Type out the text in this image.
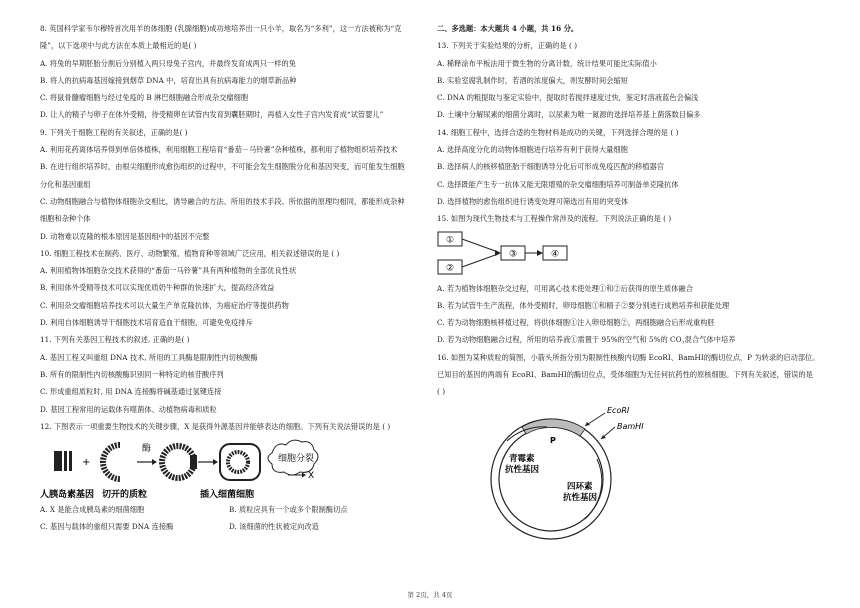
8. 英国科学家韦尔穆特首次用羊的体细胞 (乳腺细胞)成功地培养出一只小羊，取名为“多利”，这一方法被称为“克
隆”，以下选项中与此方法在本质上最相近的是( )
A. 将兔的早期胚胎分割后分别植入两只母兔子宫内，并最终发育成两只一样的兔
B. 将人的抗病毒基因嫁接到烟草 DNA 中，培育出具有抗病毒能力的烟草新品种
C. 将鼠骨髓瘤细胞与经过免疫的 B 淋巴细胞融合形成杂交瘤细胞
D. 让人的精子与卵子在体外受精，待受精卵在试管内发育到囊胚期时，再植入女性子宫内发育成“试管婴儿”
9. 下列关于细胞工程的有关叙述，正确的是( )
A. 利用花药离体培养得到单倍体植株，利用细胞工程培育“番茄－马铃薯”杂种植株，都利用了植物组织培养技术
B. 在进行组织培养时，由根尖细胞形成愈伤组织的过程中，不可能会发生细胞脱分化和基因突变，而可能发生细胞
分化和基因重组
C. 动物细胞融合与植物体细胞杂交相比，诱导融合的方法、所用的技术手段、所依据的原理均相同，都能形成杂种
细胞和杂种个体
D. 动物难以克隆的根本原因是基因组中的基因不完整
10. 细胞工程技术在制药、医疗、动物繁殖、植物育种等领域广泛应用，相关叙述错误的是 ( )
A. 利用植物体细胞杂交技术获得的“番茄一马铃薯”具有两种植物的全部优良性状
B. 利用体外受精等技术可以实现优质奶牛种群的快速扩大，提高经济效益
C. 利用杂交瘤细胞培养技术可以大量生产单克隆抗体，为癌症治疗等提供药物
D. 利用自体细胞诱导干细胞技术培育造血干细胞，可避免免疫排斥
11. 下列有关基因工程技术的叙述, 正确的是( )
A. 基因工程又叫重组 DNA 技术, 所用的工具酶是限制性内切核酸酶
B. 所有的限制性内切核酸酶识别同一种特定的核苷酸序列
C. 形成重组质粒时, 用 DNA 连接酶将碱基通过氢键连接
D. 基因工程常用的运载体有噬菌体、动植物病毒和质粒
12. 下图表示一项重要生物技术的关键步骤，X 是获得外源基因并能够表达的细胞。下列有关说法错误的是 ( )
+
酶
细胞分裂
X
人胰岛素基因 切开的质粒	插入细菌细胞
A. X 是能合成胰岛素的细菌细胞	B. 质粒应具有一个或多个限制酶切点
C. 基因与载体的重组只需要 DNA 连接酶	D. 该细菌的性状被定向改造
二、多选题：本大题共 4 小题，共 16 分。
13. 下列关于实验结果的分析，正确的是 ( )
A. 稀释涂布平板法用于微生物的分离计数，统计结果可能比实际值小
B. 实验室腐乳制作时，若酒的浓度偏大，则发酵时间会缩短
C. DNA 的粗提取与鉴定实验中，提取时若搅拌速度过快，鉴定时溶液蓝色会偏浅
D. 土壤中分解尿素的细菌分离时，以尿素为唯一氮源的选择培养基上菌落数目偏多
14. 细胞工程中，选择合适的生物材料是成功的关键，下列选择合理的是 ( )
A. 选择高度分化的动物体细胞进行培养有利于获得大量细胞
B. 选择病人的核移植胚胎干细胞诱导分化后可形成免疫匹配的移植器官
C. 选择既能产生专一抗体又能无限增殖的杂交瘤细胞培养可制备单克隆抗体
D. 选择植物的愈伤组织进行诱变处理可筛选出有用的突变体
15. 如图为现代生物技术与工程操作常涉及的流程。下列说法正确的是 ( )
①
②
③	④
A. 若为植物体细胞杂交过程，可用离心技术使处理①和②后获得的原生质体融合
B. 若为试管牛生产流程，体外受精时，卵母细胞①和精子②要分别进行成熟培养和获能处理
C. 若为动物细胞核移植过程，将供体细胞①注入卵母细胞②，两细胞融合后形成重构胚
D. 若为动物细胞融合过程，所用的培养液①需置于 95%的空气和 5%的 $CO_2$混合气体中培养
16. 如图为某种质粒的简图，小箭头所指分别为限制性核酸内切酶 EcoRI、BamHI的酶切位点，P 为转录的启动部位。
已知目的基因的两端有 EcoRI、BamHI的酶切位点，受体细胞为无任何抗药性的原核细胞。下列有关叙述，错误的是
( )
EcoRⅠ
BamHⅠ
P
青霉素
抗性基因
四环素
抗性基因
第 2页，共 4页
